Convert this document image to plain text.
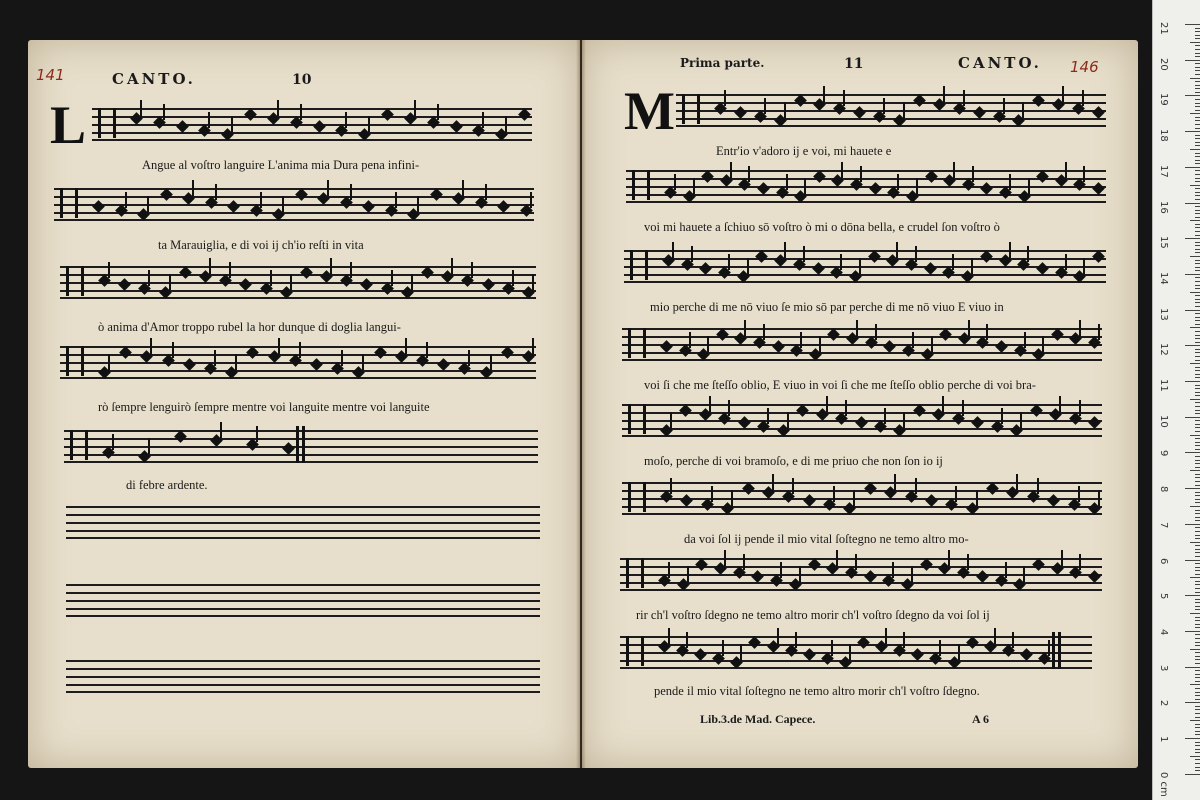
141	CANTO.	10
L
Angue al voſtro languire L'anima mia Dura pena infini-
ta Marauiglia, e di voi ij ch'io reſti in vita
ò anima d'Amor troppo rubel la hor dunque di doglia langui-
rò ſempre lenguirò ſempre mentre voi languite mentre voi languite
di febre ardente.
Prima parte.	11	CANTO. 146
M
Entr'io v'adoro ij e voi, mi hauete e
voi mi hauete a ſchiuo sō voſtro ò mi o dōna bella, e crudel ſon voſtro ò
mio perche di me nō viuo ſe mio sō par perche di me nō viuo E viuo in
voi ſi che me ſteſſo oblio, E viuo in voi ſi che me ſteſſo oblio perche di voi bra-
moſo, perche di voi bramoſo, e di me priuo che non ſon io ij
da voi ſol ij pende il mio vital ſoſtegno ne temo altro mo-
rir ch'l voſtro ſdegno ne temo altro morir ch'l voſtro ſdegno da voi ſol ij
pende il mio vital ſoſtegno ne temo altro morir ch'l voſtro ſdegno.
Lib.3.de Mad. Capece.	A 6
21
20
19
18
17
16
15
14
13
12
11
10
9
8
7
6
5
4
3
2
1
0 cm
